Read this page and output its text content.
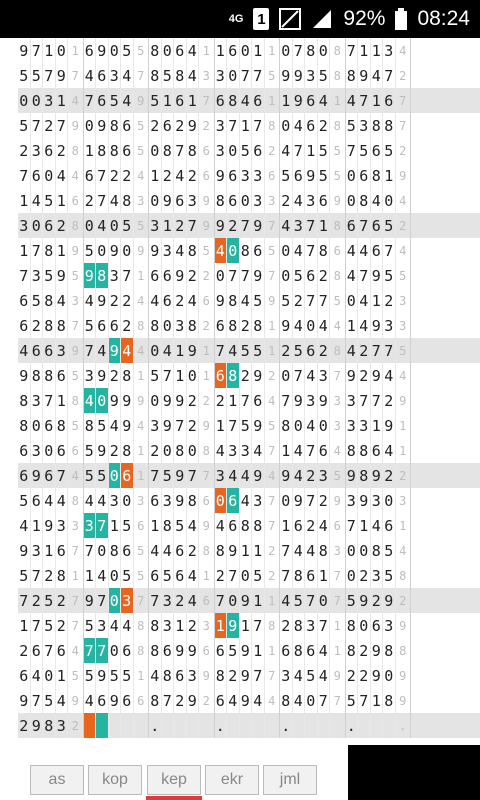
4G 1	92% 08:24
9 7 1 0 1 6 9 0 5 5 8 0 6 4 1 1 6 0 1 1 0 7 8 0 8 7 1 1 3 4
5 5 7 9 7 4 6 3 4 7 8 5 8 4 3 3 0 7 7 5 9 9 3 5 8 8 9 4 7 2
0 0 3 1 4 7 6 5 4 9 5 1 6 1 7 6 8 4 6 1 1 9 6 4 1 4 7 1 6 7
5 7 2 7 9 0 9 8 6 5 2 6 2 9 2 3 7 1 7 8 0 4 6 2 8 5 3 8 8 7
2 3 6 2 8 1 8 8 6 5 0 8 7 8 6 3 0 5 6 2 4 7 1 5 5 7 5 6 5 2
7 6 0 4 4 6 7 2 2 4 1 2 4 2 6 9 6 3 3 6 5 6 9 5 5 0 6 8 1 9
1 4 5 1 6 2 7 4 8 3 0 9 6 3 9 8 6 0 3 3 2 4 3 6 9 0 8 4 0 4
3 0 6 2 8 0 4 0 5 5 3 1 2 7 9 9 2 7 9 7 4 3 7 1 8 6 7 6 5 2
1 7 8 1 9 5 0 9 0 9 9 3 4 8 5 4 0 8 6 5 0 4 7 8 6 4 4 6 7 4
7 3 5 9 5 9 8 3 7 1 6 6 9 2 2 0 7 7 9 7 0 5 6 2 8 4 7 9 5 5
6 5 8 4 3 4 9 2 2 4 4 6 2 4 6 9 8 4 5 9 5 2 7 7 5 0 4 1 2 3
6 2 8 8 7 5 6 6 2 8 8 0 3 8 2 6 8 2 8 1 9 4 0 4 4 1 4 9 3 3
4 6 6 3 9 7 4 9 4 4 0 4 1 9 1 7 4 5 5 1 2 5 6 2 8 4 2 7 7 5
9 8 8 6 5 3 9 2 8 1 5 7 1 0 1 6 8 2 9 2 0 7 4 3 7 9 2 9 4 4
8 3 7 1 8 4 0 9 9 9 0 9 9 2 2 2 1 7 6 4 7 9 3 9 3 3 7 7 2 9
8 0 6 8 5 8 5 4 9 4 3 9 7 2 9 1 7 5 9 5 8 0 4 0 3 3 3 1 9 1
6 3 0 6 6 5 9 2 8 1 2 0 8 0 8 4 3 3 4 7 1 4 7 6 4 8 8 6 4 1
6 9 6 7 4 5 5 0 6 1 7 5 9 7 7 3 4 4 9 4 9 4 2 3 5 9 8 9 2 2
5 6 4 4 8 4 4 3 0 3 6 3 9 8 6 0 6 4 3 7 0 9 7 2 9 3 9 3 0 3
4 1 9 3 3 3 7 1 5 6 1 8 5 4 9 4 6 8 8 7 1 6 2 4 6 7 1 4 6 1
9 3 1 6 7 7 0 8 6 5 4 4 6 2 8 8 9 1 1 2 7 4 4 8 3 0 0 8 5 4
5 7 2 8 1 1 4 0 5 5 6 5 6 4 1 2 7 0 5 2 7 8 6 1 7 0 2 3 5 8
7 2 5 2 7 9 7 0 3 7 7 3 2 4 6 7 0 9 1 1 4 5 7 0 7 5 9 2 9 2
1 7 5 2 7 5 3 4 4 8 8 3 1 2 3 1 9 1 7 8 2 8 3 7 1 8 0 6 3 9
2 6 7 6 4 7 7 0 6 8 8 6 9 9 6 6 5 9 1 1 6 8 6 4 1 8 2 9 8 8
6 4 0 1 5 5 9 5 5 1 4 8 6 3 9 8 2 9 7 7 3 4 5 4 9 2 2 9 0 9
9 7 5 4 9 4 6 9 6 6 8 7 2 9 2 6 4 9 4 4 8 4 0 7 7 5 7 1 8 9
2 9 8 3 2	.	.	.	.	.
as	kop	kep	ekr	jml
